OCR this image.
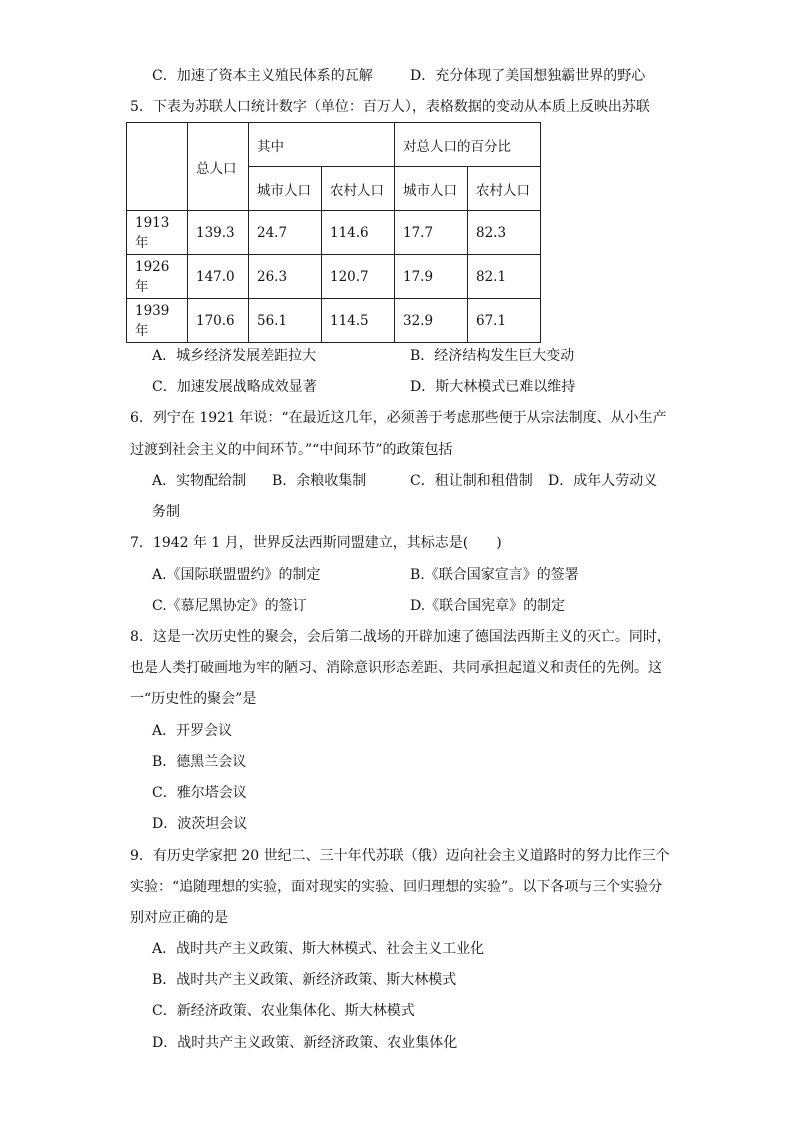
C．加速了资本主义殖民体系的瓦解	D．充分体现了美国想独霸世界的野心
5．下表为苏联人口统计数字（单位：百万人），表格数据的变动从本质上反映出苏联
	总人口	其中		对总人口的百分比	
		城市人口	农村人口	城市人口	农村人口
1913 年	139.3	24.7	114.6	17.7	82.3
1926 年	147.0	26.3	120.7	17.9	82.1
1939 年	170.6	56.1	114.5	32.9	67.1
A．城乡经济发展差距拉大	B．经济结构发生巨大变动
C．加速发展战略成效显著	D．斯大林模式已难以维持
6．列宁在 1921 年说：“在最近这几年，必须善于考虑那些便于从宗法制度、从小生产
过渡到社会主义的中间环节。”“中间环节”的政策包括
A．实物配给制 B．余粮收集制	C．租让制和租借制 D．成年人劳动义
务制
7．1942 年 1 月，世界反法西斯同盟建立，其标志是(　　)
A.《国际联盟盟约》的制定	B.《联合国家宣言》的签署
C.《慕尼黑协定》的签订	D.《联合国宪章》的制定
8．这是一次历史性的聚会，会后第二战场的开辟加速了德国法西斯主义的灭亡。同时，
也是人类打破画地为牢的陋习、消除意识形态差距、共同承担起道义和责任的先例。这
一“历史性的聚会”是
A．开罗会议
B．德黑兰会议
C．雅尔塔会议
D．波茨坦会议
9．有历史学家把 20 世纪二、三十年代苏联（俄）迈向社会主义道路时的努力比作三个
实验：“追随理想的实验，面对现实的实验、回归理想的实验”。以下各项与三个实验分
别对应正确的是
A．战时共产主义政策、斯大林模式、社会主义工业化
B．战时共产主义政策、新经济政策、斯大林模式
C．新经济政策、农业集体化、斯大林模式
D．战时共产主义政策、新经济政策、农业集体化
